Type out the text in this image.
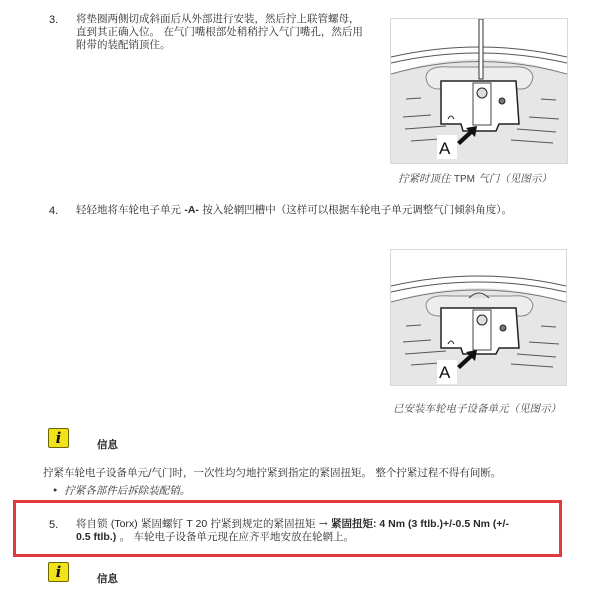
3. 将垫圈两侧切成斜面后从外部进行安装，然后拧上联管螺母，
直到其正确入位。 在气门嘴根部处稍稍拧入气门嘴孔，然后用
附带的装配销顶住。
A
拧紧时顶住 TPM 气门（见图示）
4. 轻轻地将车轮电子单元 -A- 按入轮辋凹槽中（这样可以根据车轮电子单元调整气门倾斜角度）。
A
已安装车轮电子设备单元（见图示）
i	信息
拧紧车轮电子设备单元/气门时，一次性均匀地拧紧到指定的紧固扭矩。 整个拧紧过程不得有间断。
• 拧紧各部件后拆除装配销。
5. 将自锁 (Torx) 紧固螺钉 T 20 拧紧到规定的紧固扭矩 → 紧固扭矩: 4 Nm (3 ftlb.)+/-0.5 Nm (+/-
0.5 ftlb.) 。 车轮电子设备单元现在应齐平地安放在轮辋上。
i	信息
